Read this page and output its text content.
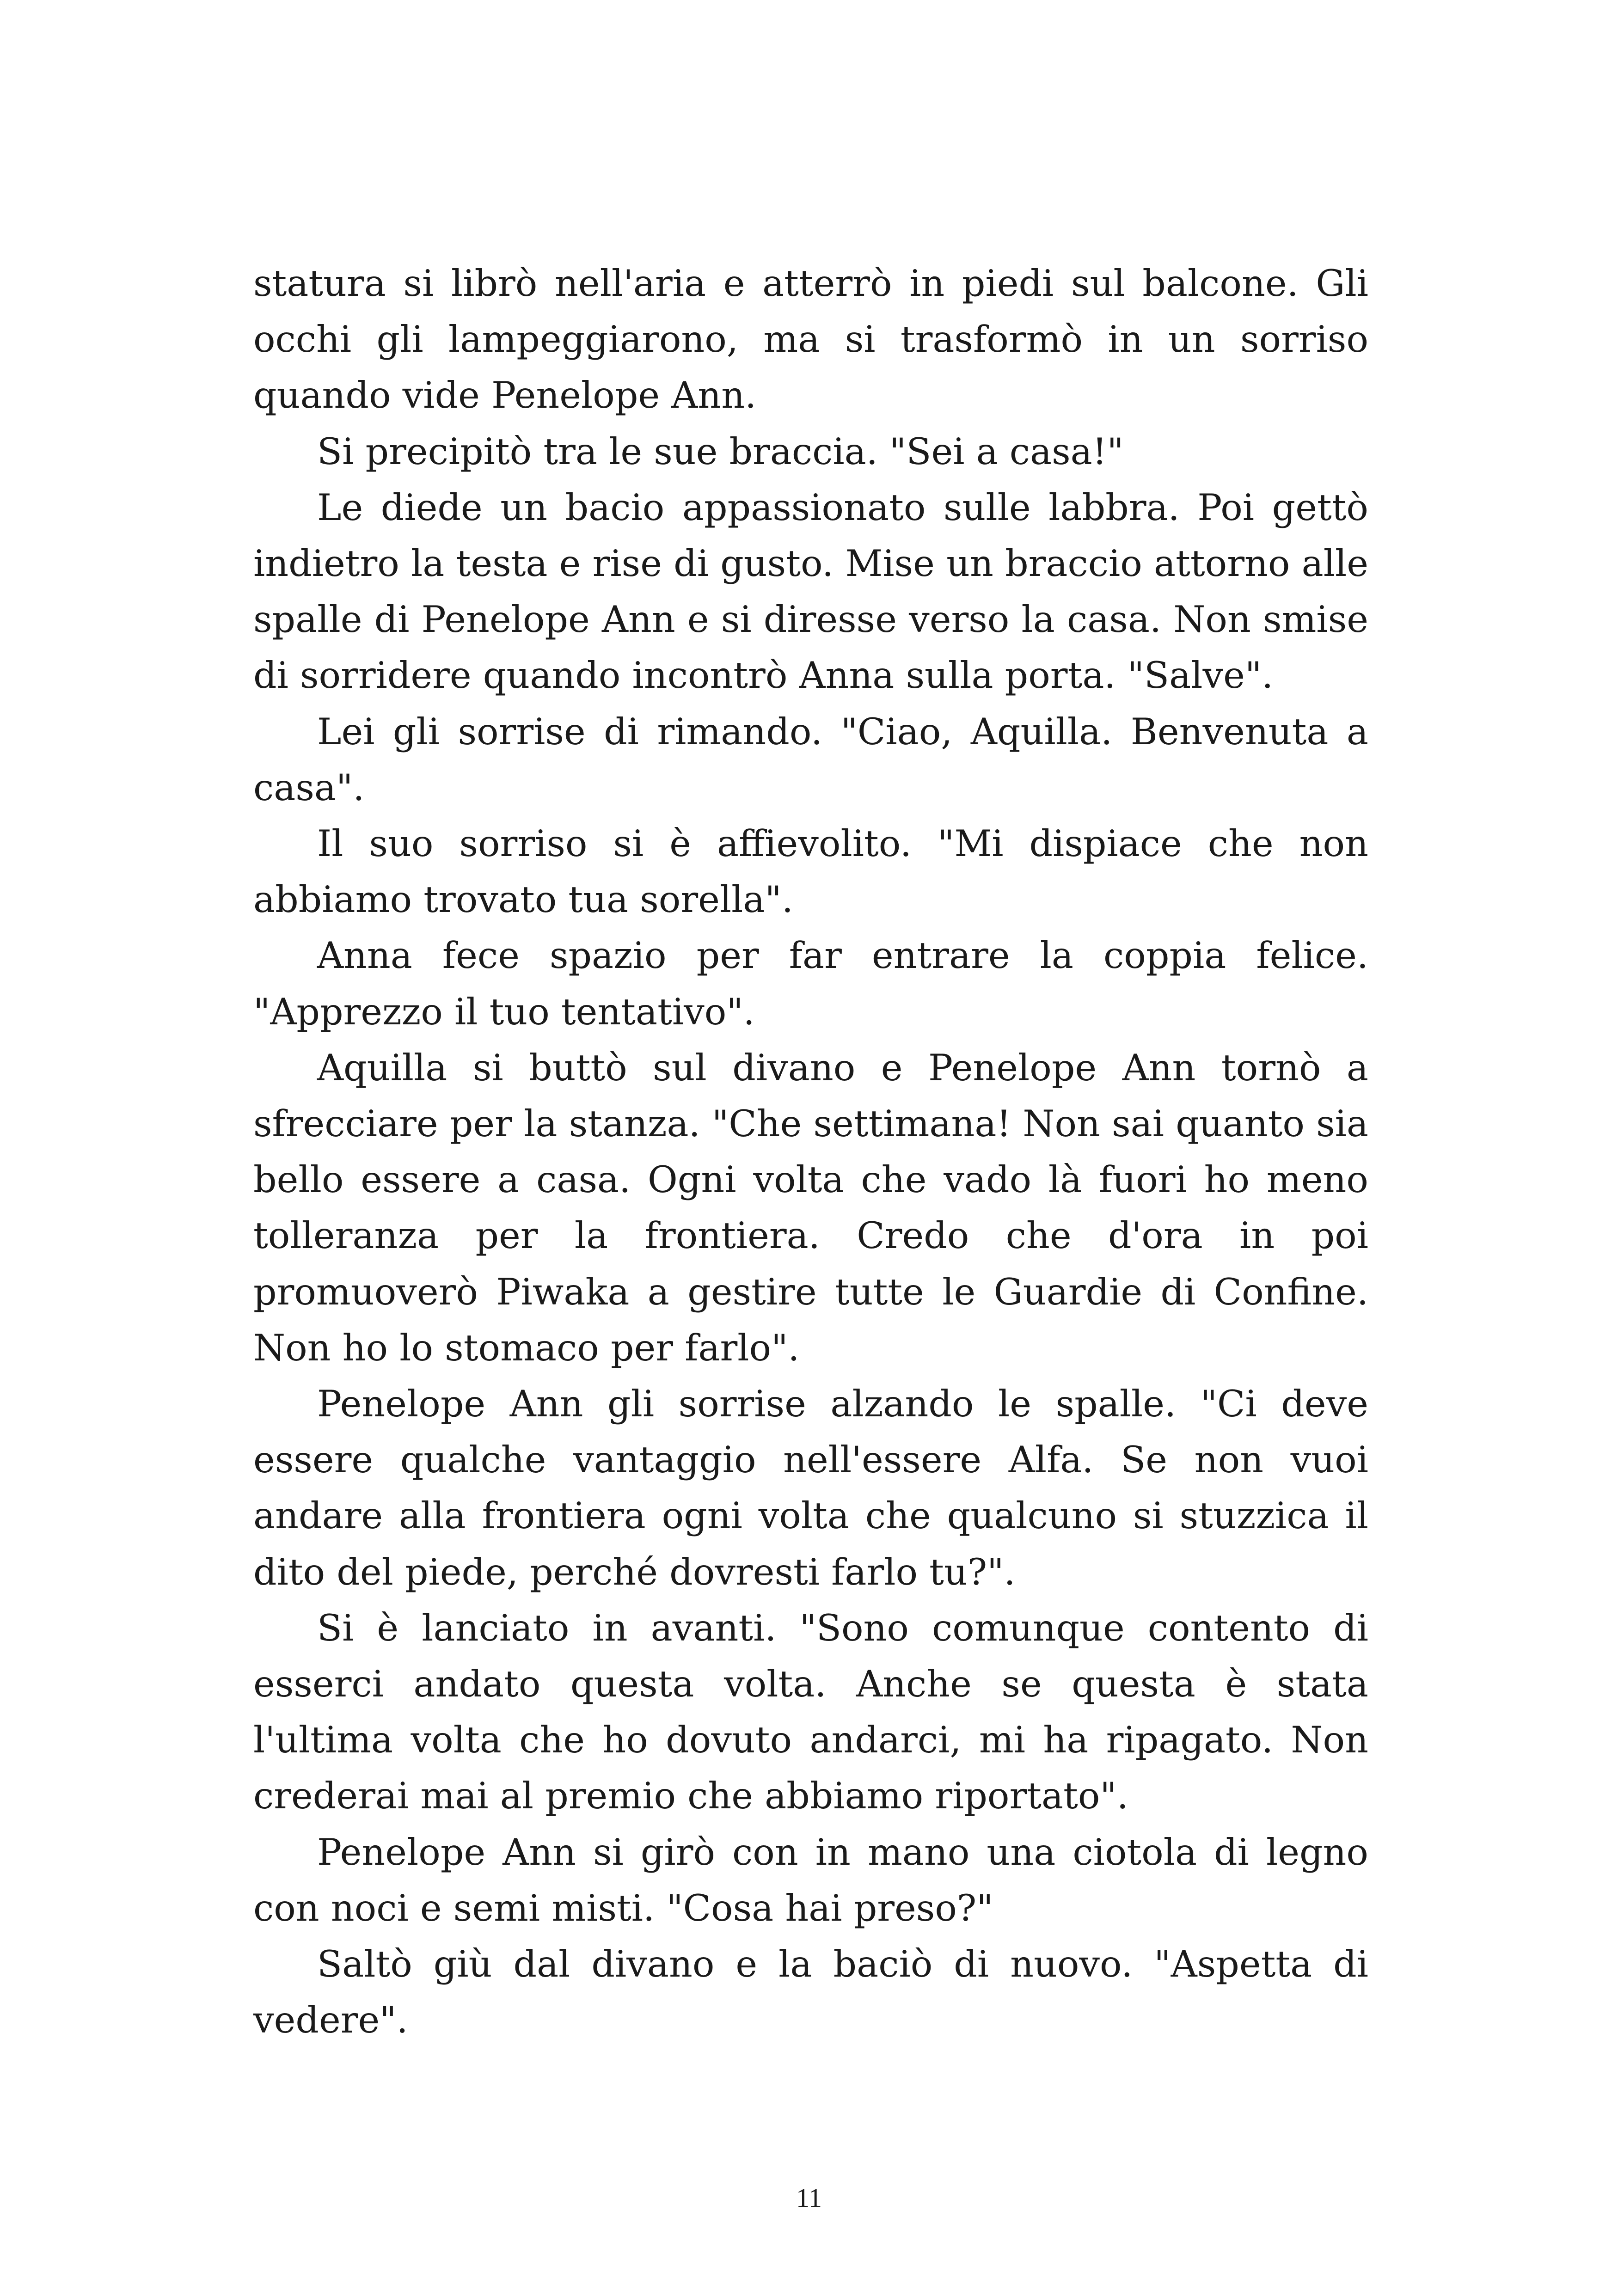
statura si librò nell'aria e atterrò in piedi sul balcone. Gli occhi gli lampeggiarono, ma si trasformò in un sorriso quando vide Penelope Ann.

Si precipitò tra le sue braccia. "Sei a casa!"

Le diede un bacio appassionato sulle labbra. Poi gettò indietro la testa e rise di gusto. Mise un braccio attorno alle spalle di Penelope Ann e si diresse verso la casa. Non smise di sorridere quando incontrò Anna sulla porta. "Salve".

Lei gli sorrise di rimando. "Ciao, Aquilla. Benvenuta a casa".

Il suo sorriso si è affievolito. "Mi dispiace che non abbiamo trovato tua sorella".

Anna fece spazio per far entrare la coppia felice. "Apprezzo il tuo tentativo".

Aquilla si buttò sul divano e Penelope Ann tornò a sfrecciare per la stanza. "Che settimana! Non sai quanto sia bello essere a casa. Ogni volta che vado là fuori ho meno tolleranza per la frontiera. Credo che d'ora in poi promuoverò Piwaka a gestire tutte le Guardie di Confine. Non ho lo stomaco per farlo".

Penelope Ann gli sorrise alzando le spalle. "Ci deve essere qualche vantaggio nell'essere Alfa. Se non vuoi andare alla frontiera ogni volta che qualcuno si stuzzica il dito del piede, perché dovresti farlo tu?".

Si è lanciato in avanti. "Sono comunque contento di esserci andato questa volta. Anche se questa è stata l'ultima volta che ho dovuto andarci, mi ha ripagato. Non crederai mai al premio che abbiamo riportato".

Penelope Ann si girò con in mano una ciotola di legno con noci e semi misti. "Cosa hai preso?"

Saltò giù dal divano e la baciò di nuovo. "Aspetta di vedere".

11
